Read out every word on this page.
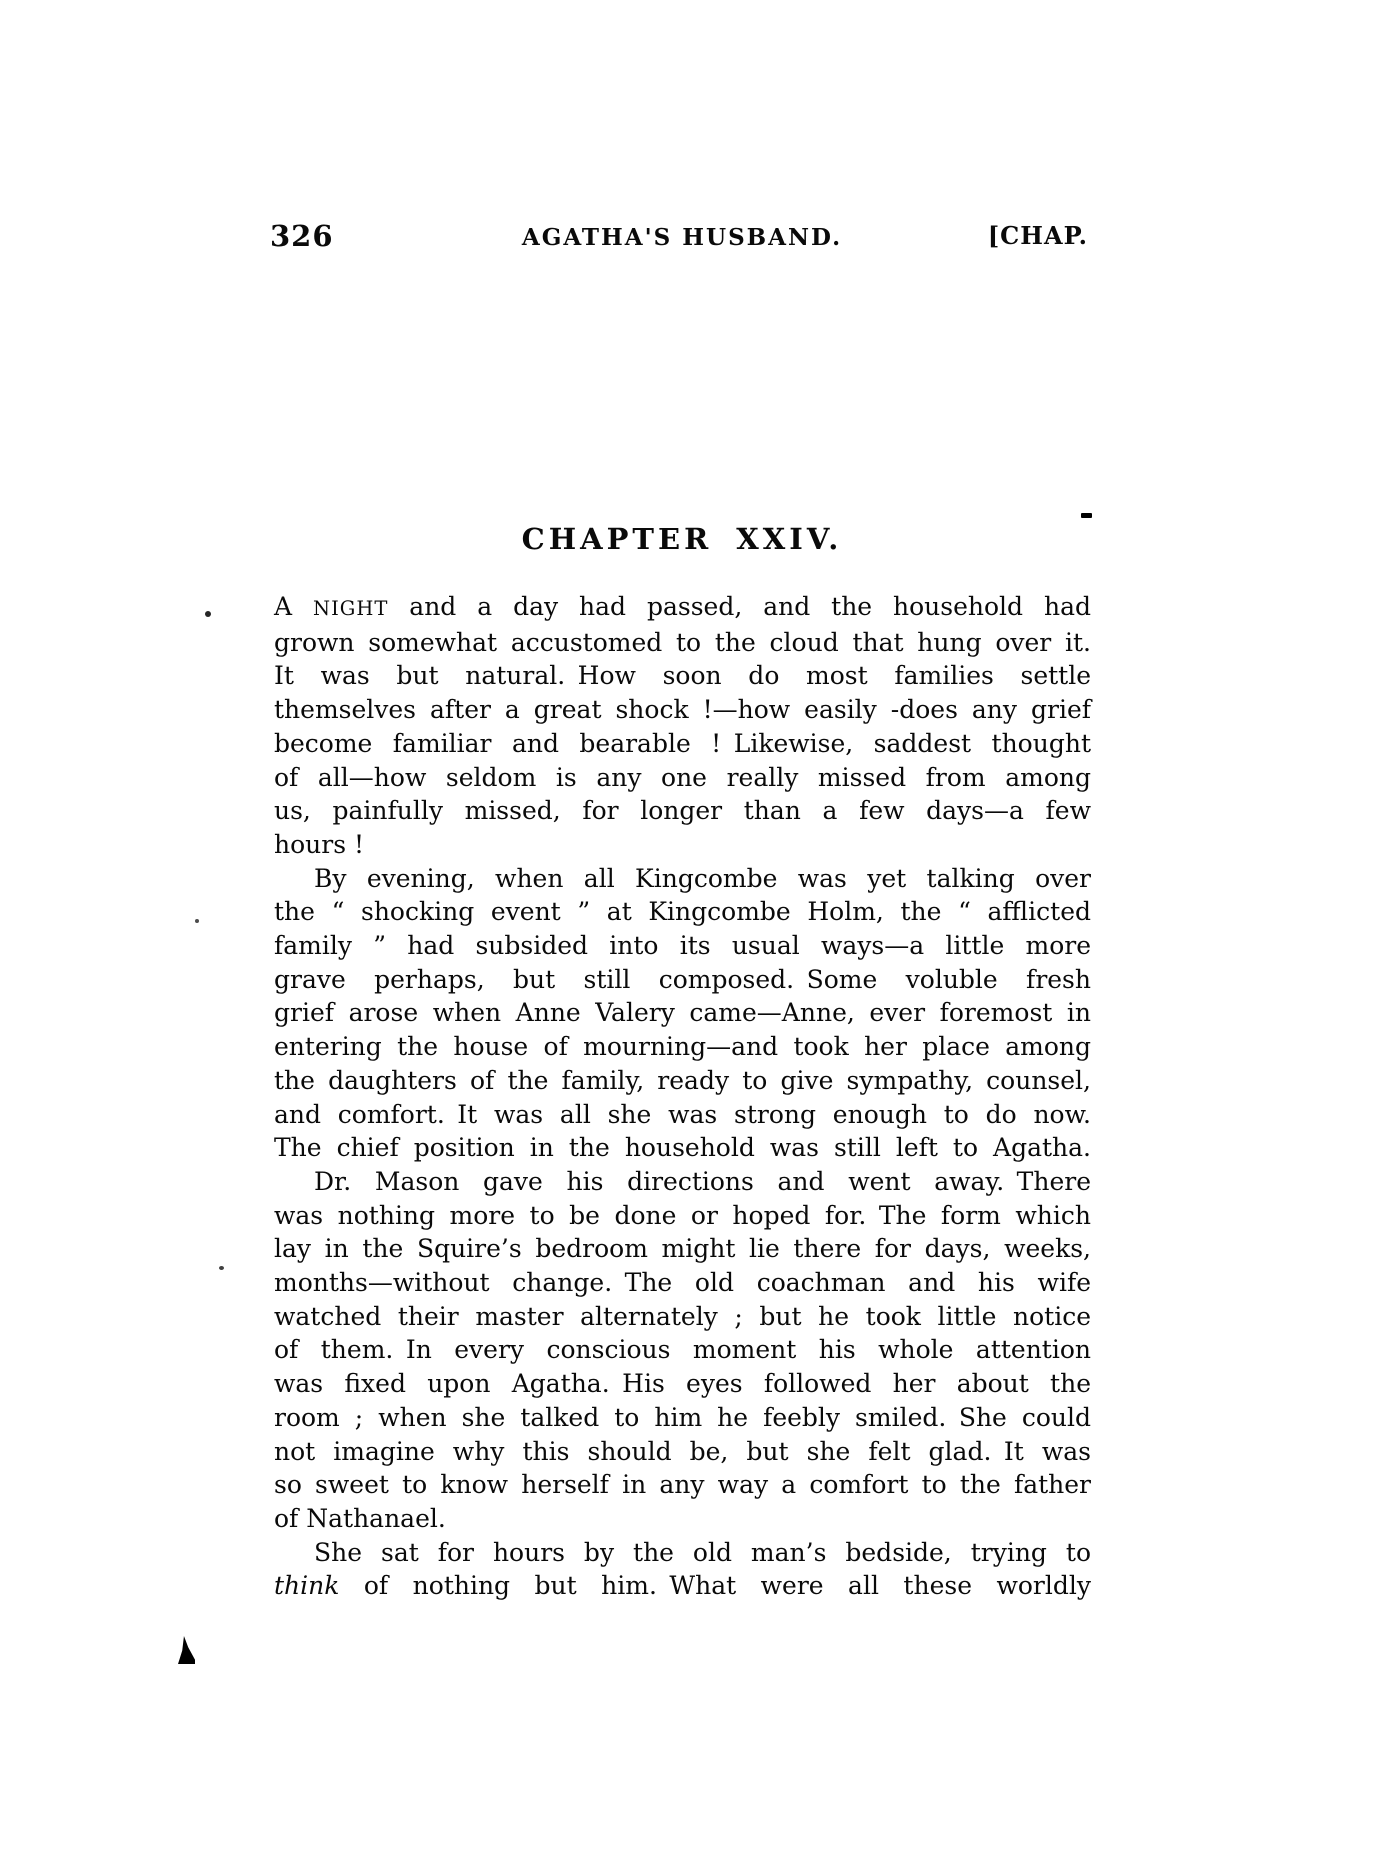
326	AGATHA'S HUSBAND.	[CHAP.
CHAPTER XXIV.
A NIGHT and a day had passed, and the household had
grown somewhat accustomed to the cloud that hung over it.
It was but natural. How soon do most families settle
themselves after a great shock !—how easily -does any grief
become familiar and bearable ! Likewise, saddest thought
of all—how seldom is any one really missed from among
us, painfully missed, for longer than a few days—a few
hours !
By evening, when all Kingcombe was yet talking over
the “ shocking event ” at Kingcombe Holm, the “ afflicted
family ” had subsided into its usual ways—a little more
grave perhaps, but still composed. Some voluble fresh
grief arose when Anne Valery came—Anne, ever foremost in
entering the house of mourning—and took her place among
the daughters of the family, ready to give sympathy, counsel,
and comfort. It was all she was strong enough to do now.
The chief position in the household was still left to Agatha.
Dr. Mason gave his directions and went away. There
was nothing more to be done or hoped for. The form which
lay in the Squire’s bedroom might lie there for days, weeks,
months—without change. The old coachman and his wife
watched their master alternately ; but he took little notice
of them. In every conscious moment his whole attention
was fixed upon Agatha. His eyes followed her about the
room ; when she talked to him he feebly smiled. She could
not imagine why this should be, but she felt glad. It was
so sweet to know herself in any way a comfort to the father
of Nathanael.
She sat for hours by the old man’s bedside, trying to
think of nothing but him. What were all these worldly
